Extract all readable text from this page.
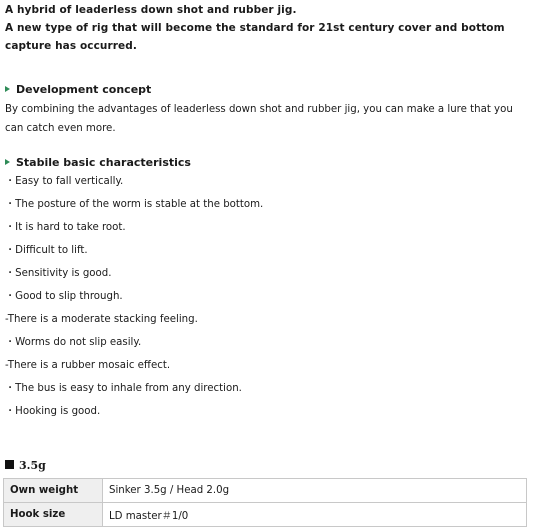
A hybrid of leaderless down shot and rubber jig.

A new type of rig that will become the standard for 21st century cover and bottom capture has occurred.

Development concept
By combining the advantages of leaderless down shot and rubber jig, you can make a lure that you can catch even more.
Stabile basic characteristics
・Easy to fall vertically.
・The posture of the worm is stable at the bottom.
・It is hard to take root.
・Difficult to lift.
・Sensitivity is good.
・Good to slip through.
-There is a moderate stacking feeling.
・Worms do not slip easily.
-There is a rubber mosaic effect.
・The bus is easy to inhale from any direction.
・Hooking is good.
3.5g
Own weight	Sinker 3.5g / Head 2.0g
Hook size	LD master＃1/0
